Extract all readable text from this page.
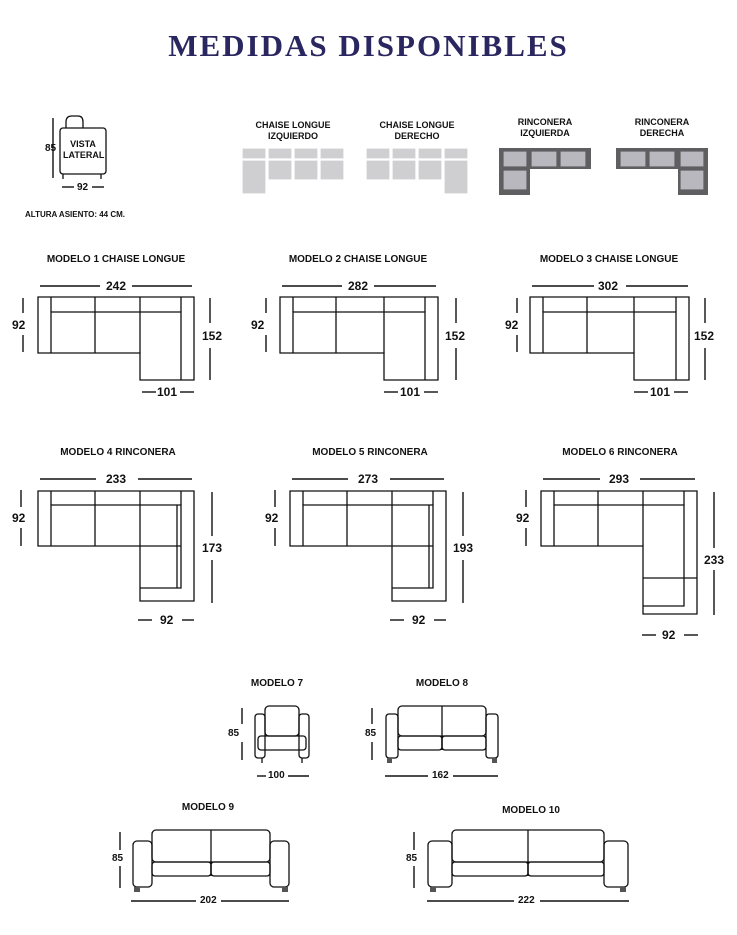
MEDIDAS DISPONIBLES
VISTA LATERAL
85
92
ALTURA ASIENTO: 44 CM.
CHAISE LONGUE IZQUIERDO
CHAISE LONGUE DERECHO
RINCONERA IZQUIERDA
RINCONERA DERECHA
MODELO 1 CHAISE LONGUE
242
92
152
101
MODELO 2 CHAISE LONGUE
282
92
152
101
MODELO 3 CHAISE LONGUE
302
92
152
101
MODELO 4 RINCONERA
233
92
173
92
MODELO 5 RINCONERA
273
92
193
92
MODELO 6 RINCONERA
293
92
233
92
MODELO 7
85
100
MODELO 8
85
162
MODELO 9
85
202
MODELO 10
85
222
